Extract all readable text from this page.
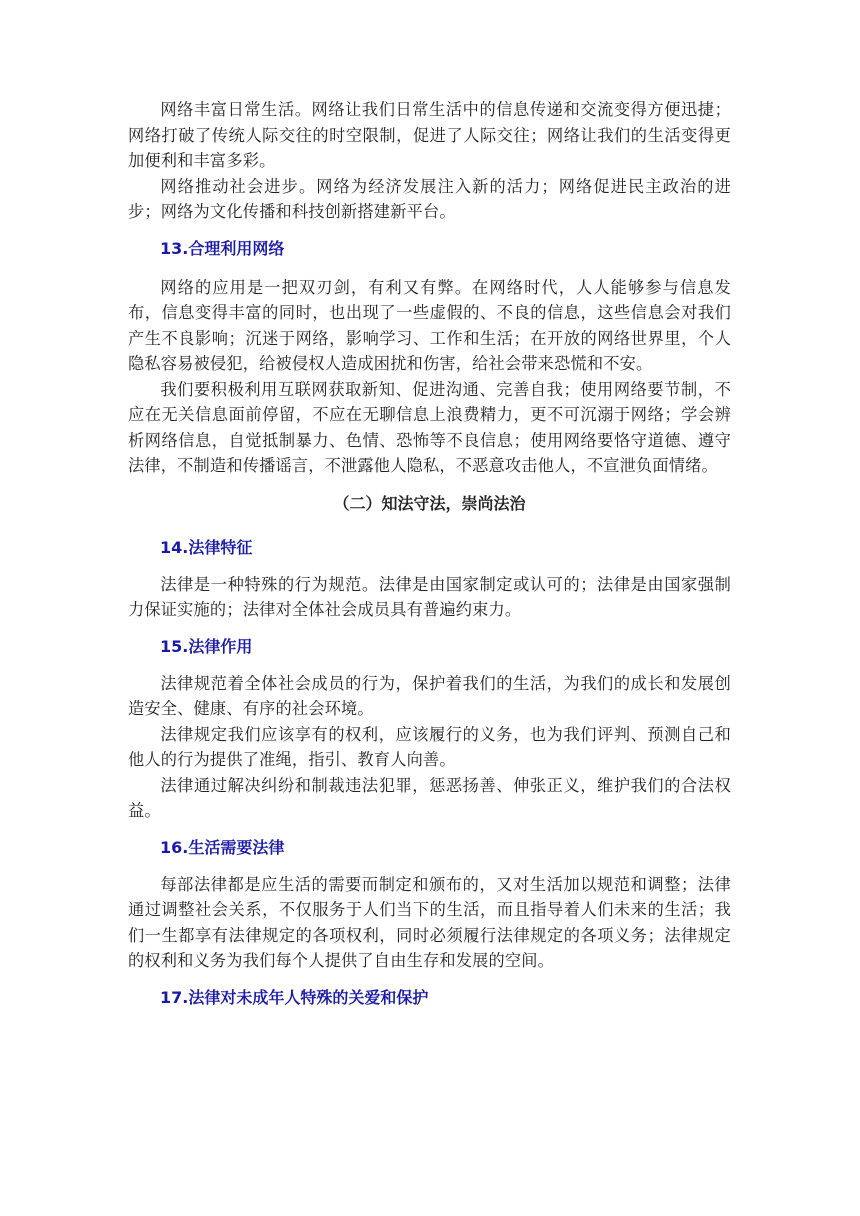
网络丰富日常生活。网络让我们日常生活中的信息传递和交流变得方便迅捷；网络打破了传统人际交往的时空限制，促进了人际交往；网络让我们的生活变得更加便利和丰富多彩。

网络推动社会进步。网络为经济发展注入新的活力；网络促进民主政治的进步；网络为文化传播和科技创新搭建新平台。

13.合理利用网络

网络的应用是一把双刃剑，有利又有弊。在网络时代，人人能够参与信息发布，信息变得丰富的同时，也出现了一些虚假的、不良的信息，这些信息会对我们产生不良影响；沉迷于网络，影响学习、工作和生活；在开放的网络世界里，个人隐私容易被侵犯，给被侵权人造成困扰和伤害，给社会带来恐慌和不安。

我们要积极利用互联网获取新知、促进沟通、完善自我；使用网络要节制，不应在无关信息面前停留，不应在无聊信息上浪费精力，更不可沉溺于网络；学会辨析网络信息，自觉抵制暴力、色情、恐怖等不良信息；使用网络要恪守道德、遵守法律，不制造和传播谣言，不泄露他人隐私，不恶意攻击他人，不宣泄负面情绪。

（二）知法守法，崇尚法治

14.法律特征

法律是一种特殊的行为规范。法律是由国家制定或认可的；法律是由国家强制力保证实施的；法律对全体社会成员具有普遍约束力。

15.法律作用

法律规范着全体社会成员的行为，保护着我们的生活，为我们的成长和发展创造安全、健康、有序的社会环境。

法律规定我们应该享有的权利，应该履行的义务，也为我们评判、预测自己和他人的行为提供了准绳，指引、教育人向善。

法律通过解决纠纷和制裁违法犯罪，惩恶扬善、伸张正义，维护我们的合法权益。

16.生活需要法律

每部法律都是应生活的需要而制定和颁布的，又对生活加以规范和调整；法律通过调整社会关系，不仅服务于人们当下的生活，而且指导着人们未来的生活；我们一生都享有法律规定的各项权利，同时必须履行法律规定的各项义务；法律规定的权利和义务为我们每个人提供了自由生存和发展的空间。

17.法律对未成年人特殊的关爱和保护
